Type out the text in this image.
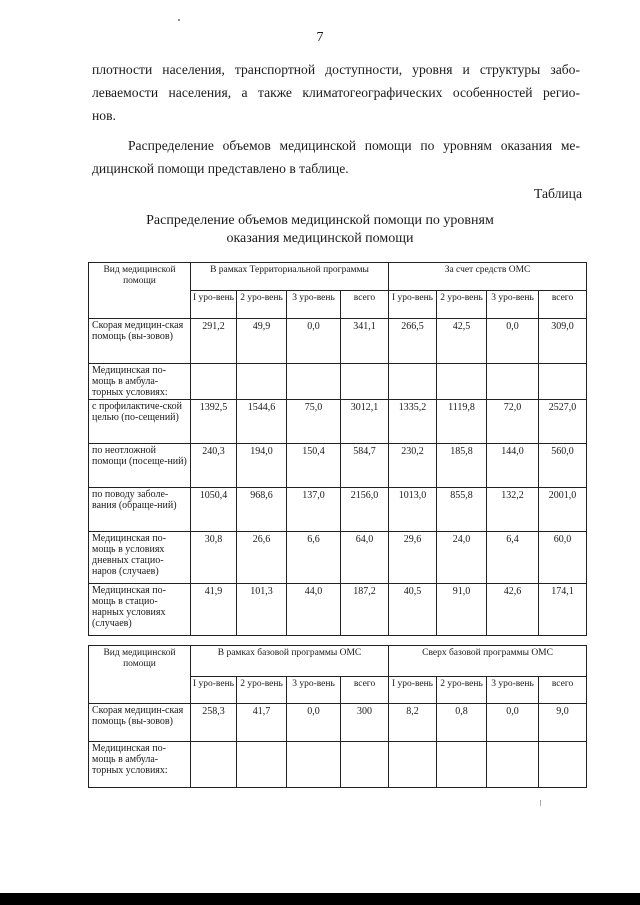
7
плотности населения, транспортной доступности, уровня и структуры забо-
леваемости населения, а также климатогеографических особенностей регио-
нов.
Распределение объемов медицинской помощи по уровням оказания ме-
дицинской помощи представлено в таблице.
Таблица
Распределение объемов медицинской помощи по уровням
оказания медицинской помощи
Вид медицинской помощи	В рамках Территориальной программы				За счет средств ОМС			
	I уро-вень	2 уро-вень	3 уро-вень	всего	I уро-вень	2 уро-вень	3 уро-вень	всего
Скорая медицин-ская помощь (вы-зовов)	291,2	49,9	0,0	341,1	266,5	42,5	0,0	309,0
Медицинская по-мощь в амбула-торных условиях:								
с профилактиче-ской целью (по-сещений)	1392,5	1544,6	75,0	3012,1	1335,2	1119,8	72,0	2527,0
по неотложной помощи (посеще-ний)	240,3	194,0	150,4	584,7	230,2	185,8	144,0	560,0
по поводу заболе-вания (обращe-ний)	1050,4	968,6	137,0	2156,0	1013,0	855,8	132,2	2001,0
Медицинская по-мощь в условиях дневных стацио-наров (случаев)	30,8	26,6	6,6	64,0	29,6	24,0	6,4	60,0
Медицинская по-мощь в стацио-нарных условиях (случаев)	41,9	101,3	44,0	187,2	40,5	91,0	42,6	174,1
Вид медицинской помощи	В рамках базовой программы ОМС				Сверх базовой программы ОМС			
	I уро-вень	2 уро-вень	3 уро-вень	всего	I уро-вень	2 уро-вень	3 уро-вень	всего
Скорая медицин-ская помощь (вы-зовов)	258,3	41,7	0,0	300	8,2	0,8	0,0	9,0
Медицинская по-мощь в амбула-торных условиях:								
